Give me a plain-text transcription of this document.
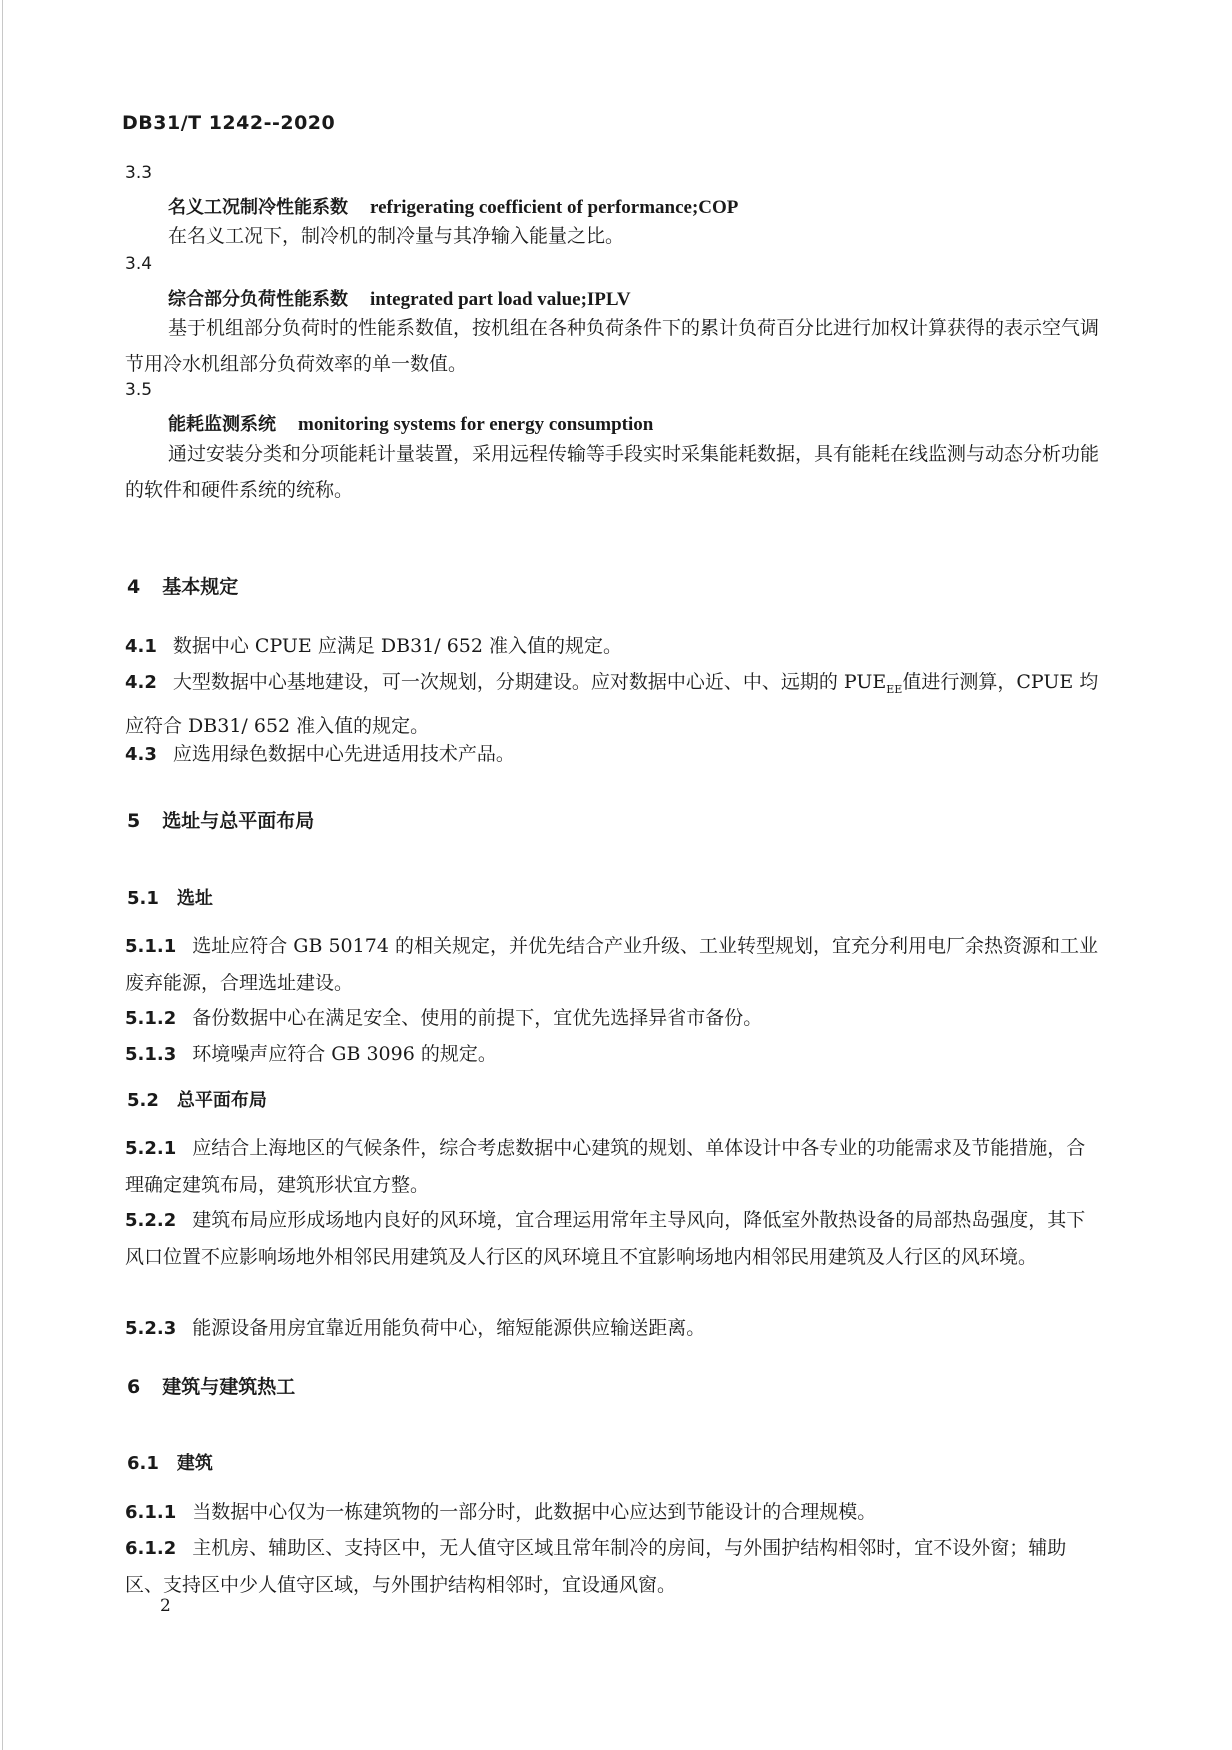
DB31/T 1242--2020
3.3
名义工况制冷性能系数 refrigerating coefficient of performance;COP
在名义工况下，制冷机的制冷量与其净输入能量之比。
3.4
综合部分负荷性能系数 integrated part load value;IPLV
基于机组部分负荷时的性能系数值，按机组在各种负荷条件下的累计负荷百分比进行加权计算获得的表示空气调节用冷水机组部分负荷效率的单一数值。
3.5
能耗监测系统 monitoring systems for energy consumption
通过安装分类和分项能耗计量装置，采用远程传输等手段实时采集能耗数据，具有能耗在线监测与动态分析功能的软件和硬件系统的统称。
4 基本规定
4.1 数据中心 CPUE 应满足 DB31/ 652 准入值的规定。
4.2 大型数据中心基地建设，可一次规划，分期建设。应对数据中心近、中、远期的 $PUE_{EE}$值进行测算，CPUE 均应符合 DB31/ 652 准入值的规定。
4.3 应选用绿色数据中心先进适用技术产品。
5 选址与总平面布局
5.1 选址
5.1.1 选址应符合 GB 50174 的相关规定，并优先结合产业升级、工业转型规划，宜充分利用电厂余热资源和工业废弃能源，合理选址建设。
5.1.2 备份数据中心在满足安全、使用的前提下，宜优先选择异省市备份。
5.1.3 环境噪声应符合 GB 3096 的规定。
5.2 总平面布局
5.2.1 应结合上海地区的气候条件，综合考虑数据中心建筑的规划、单体设计中各专业的功能需求及节能措施，合理确定建筑布局，建筑形状宜方整。
5.2.2 建筑布局应形成场地内良好的风环境，宜合理运用常年主导风向，降低室外散热设备的局部热岛强度，其下风口位置不应影响场地外相邻民用建筑及人行区的风环境且不宜影响场地内相邻民用建筑及人行区的风环境。
5.2.3 能源设备用房宜靠近用能负荷中心，缩短能源供应输送距离。
6 建筑与建筑热工
6.1 建筑
6.1.1 当数据中心仅为一栋建筑物的一部分时，此数据中心应达到节能设计的合理规模。
6.1.2 主机房、辅助区、支持区中，无人值守区域且常年制冷的房间，与外围护结构相邻时，宜不设外窗；辅助区、支持区中少人值守区域，与外围护结构相邻时，宜设通风窗。
2
